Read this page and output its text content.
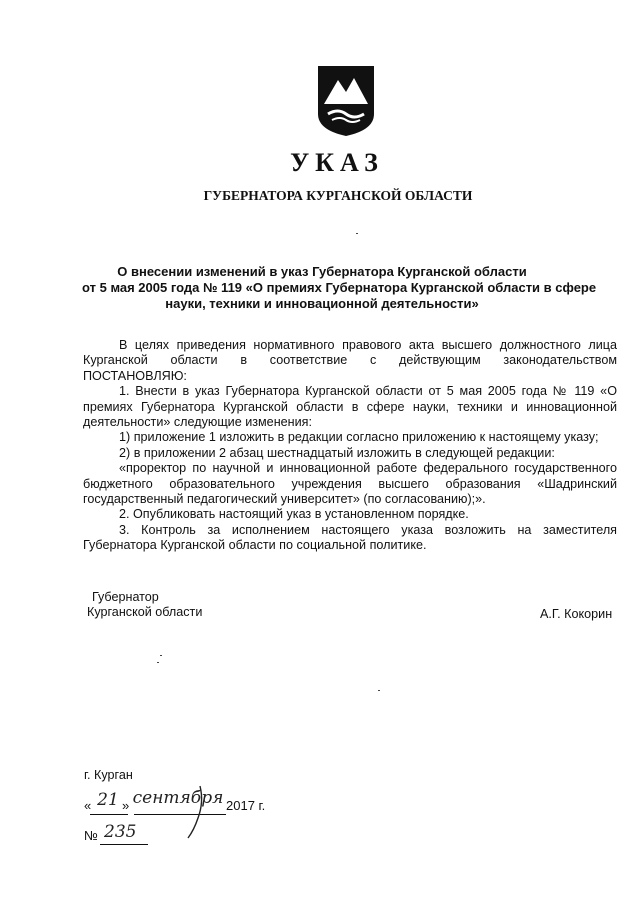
УКАЗ
ГУБЕРНАТОРА КУРГАНСКОЙ ОБЛАСТИ
О внесении изменений в указ Губернатора Курганской области
от 5 мая 2005 года № 119 «О премиях Губернатора Курганской области в сфере
науки, техники и инновационной деятельности»

В целях приведения нормативного правового акта высшего должностного лица Курганской области в соответствие с действующим законодательством

ПОСТАНОВЛЯЮ:

1. Внести в указ Губернатора Курганской области от 5 мая 2005 года № 119 «О премиях Губернатора Курганской области в сфере науки, техники и инновационной деятельности» следующие изменения:

1) приложение 1 изложить в редакции согласно приложению к настоящему указу;

2) в приложении 2 абзац шестнадцатый изложить в следующей редакции:

«проректор по научной и инновационной работе федерального государственного бюджетного образовательного учреждения высшего образования «Шадринский государственный педагогический университет» (по согласованию);».

2. Опубликовать настоящий указ в установленном порядке.

3. Контроль за исполнением настоящего указа возложить на заместителя Губернатора Курганской области по социальной политике.

Губернатор
Курганской области	А.Г. Кокорин
г. Курган
« 21 » сентября 2017 г.
№ 235
